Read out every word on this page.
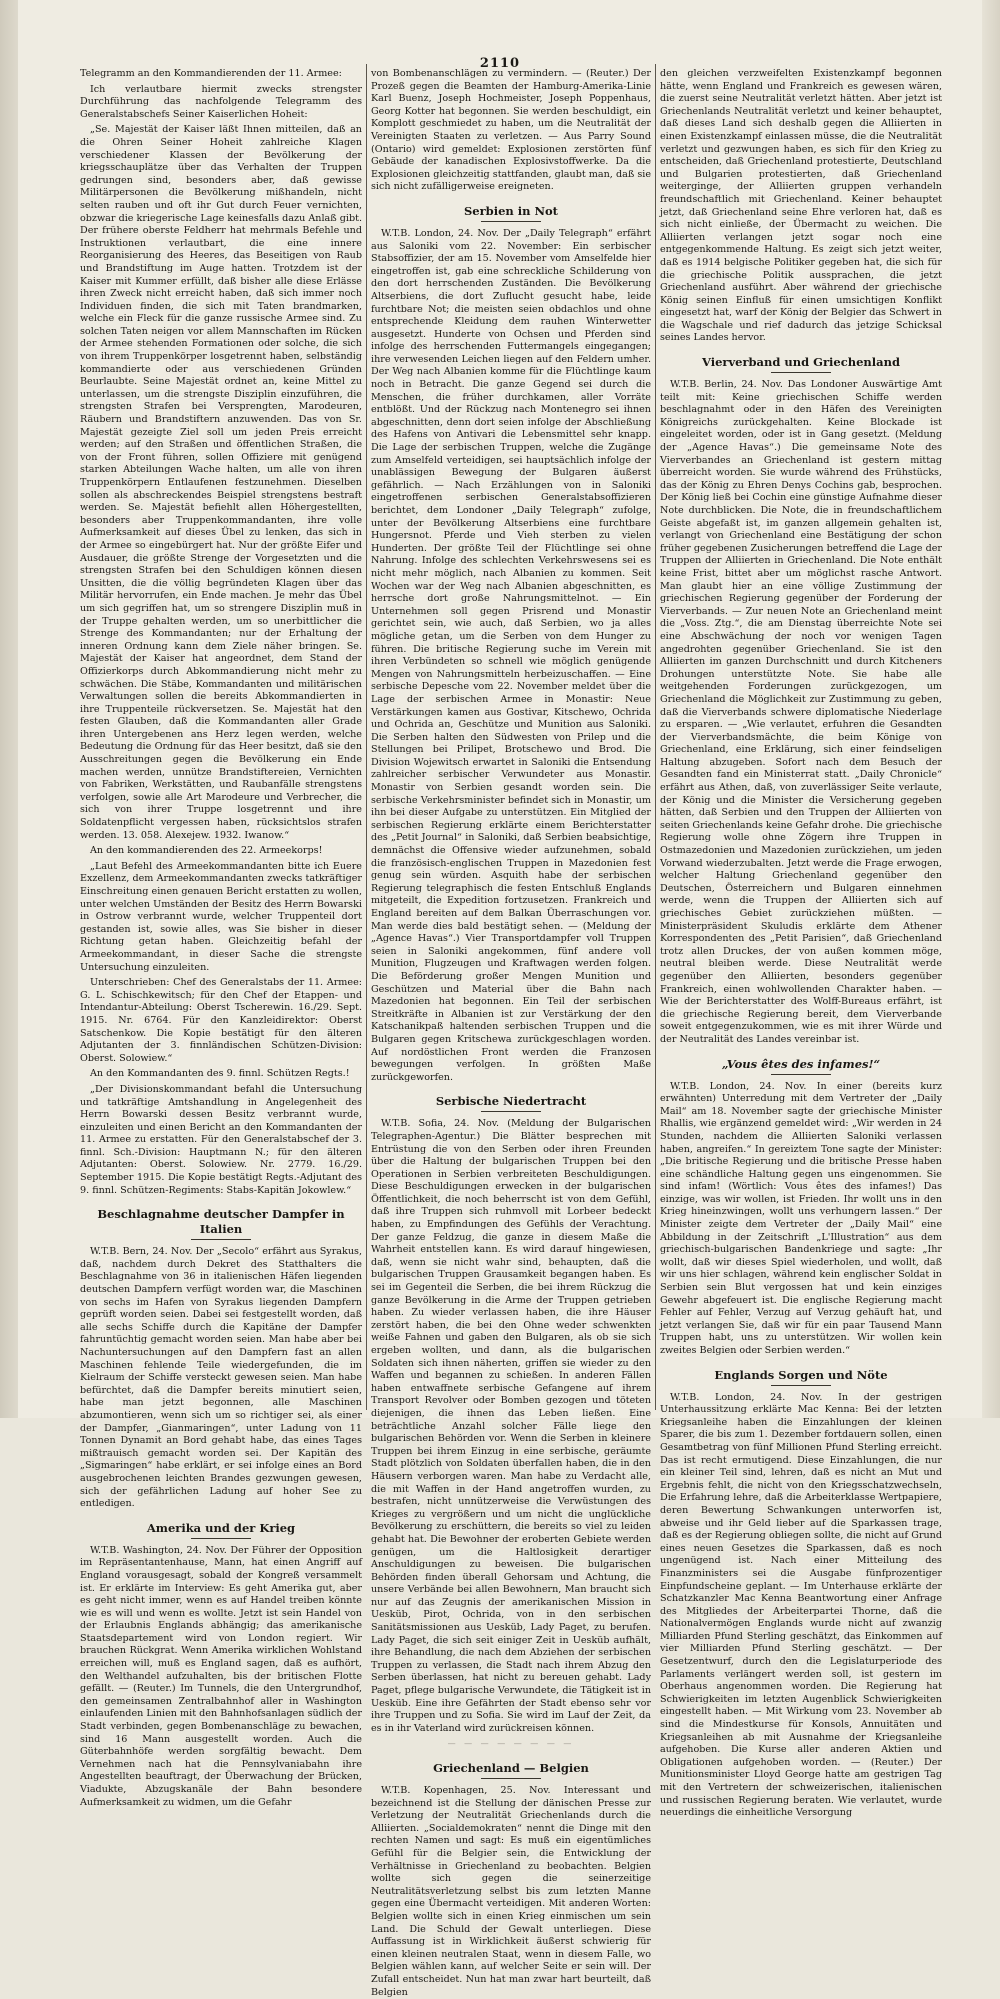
2110

Telegramm an den Kommandierenden der 11. Armee:

Ich verlautbare hiermit zwecks strengster Durchführung das nachfolgende Telegramm des Generalstabschefs Seiner Kaiserlichen Hoheit:

„Se. Majestät der Kaiser läßt Ihnen mitteilen, daß an die Ohren Seiner Hoheit zahlreiche Klagen verschiedener Klassen der Bevölkerung der kriegsschauplätze über das Verhalten der Truppen gedrungen sind, besonders aber, daß gewisse Militärpersonen die Bevölkerung mißhandeln, nicht selten rauben und oft ihr Gut durch Feuer vernichten, obzwar die kriegerische Lage keinesfalls dazu Anlaß gibt. Der frühere oberste Feldherr hat mehrmals Befehle und Instruktionen verlautbart, die eine innere Reorganisierung des Heeres, das Beseitigen von Raub und Brandstiftung im Auge hatten. Trotzdem ist der Kaiser mit Kummer erfüllt, daß bisher alle diese Erlässe ihren Zweck nicht erreicht haben, daß sich immer noch Individuen finden, die sich mit Taten brandmarken, welche ein Fleck für die ganze russische Armee sind. Zu solchen Taten neigen vor allem Mannschaften im Rücken der Armee stehenden Formationen oder solche, die sich von ihrem Truppenkörper losgetrennt haben, selbständig kommandierte oder aus verschiedenen Gründen Beurlaubte. Seine Majestät ordnet an, keine Mittel zu unterlassen, um die strengste Disziplin einzuführen, die strengsten Strafen bei Versprengten, Marodeuren, Räubern und Brandstiftern anzuwenden. Das von Sr. Majestät gezeigte Ziel soll um jeden Preis erreicht werden; auf den Straßen und öffentlichen Straßen, die von der Front führen, sollen Offiziere mit genügend starken Abteilungen Wache halten, um alle von ihren Truppenkörpern Entlaufenen festzunehmen. Dieselben sollen als abschreckendes Beispiel strengstens bestraft werden. Se. Majestät befiehlt allen Höhergestellten, besonders aber Truppenkommandanten, ihre volle Aufmerksamkeit auf dieses Übel zu lenken, das sich in der Armee so eingebürgert hat. Nur der größte Eifer und Ausdauer, die größte Strenge der Vorgesetzten und die strengsten Strafen bei den Schuldigen können diesen Unsitten, die die völlig begründeten Klagen über das Militär hervorrufen, ein Ende machen. Je mehr das Übel um sich gegriffen hat, um so strengere Disziplin muß in der Truppe gehalten werden, um so unerbittlicher die Strenge des Kommandanten; nur der Erhaltung der inneren Ordnung kann dem Ziele näher bringen. Se. Majestät der Kaiser hat angeordnet, dem Stand der Offizierkorps durch Abkommandierung nicht mehr zu schwächen. Die Stäbe, Kommandanten und militärischen Verwaltungen sollen die bereits Abkommandierten in ihre Truppenteile rückversetzen. Se. Majestät hat den festen Glauben, daß die Kommandanten aller Grade ihren Untergebenen ans Herz legen werden, welche Bedeutung die Ordnung für das Heer besitzt, daß sie den Ausschreitungen gegen die Bevölkerung ein Ende machen werden, unnütze Brandstiftereien, Vernichten von Fabriken, Werkstätten, und Raubanfälle strengstens verfolgen, sowie alle Art Marodeure und Verbrecher, die sich von ihrer Truppe losgetrennt und ihre Soldatenpflicht vergessen haben, rücksichtslos strafen werden. 13. 058. Alexejew. 1932. Iwanow.“

An den kommandierenden des 22. Armeekorps!

„Laut Befehl des Armeekommandanten bitte ich Euere Exzellenz, dem Armeekommandanten zwecks tatkräftiger Einschreitung einen genauen Bericht erstatten zu wollen, unter welchen Umständen der Besitz des Herrn Bowarski in Ostrow verbrannt wurde, welcher Truppenteil dort gestanden ist, sowie alles, was Sie bisher in dieser Richtung getan haben. Gleichzeitig befahl der Armeekommandant, in dieser Sache die strengste Untersuchung einzuleiten.

Unterschrieben: Chef des Generalstabs der 11. Armee: G. L. Schischkewitsch; für den Chef der Etappen- und Intendantur-Abteilung: Oberst Tscherewin. 16./29. Sept. 1915. Nr. 6764. Für den Kanzleidirektor: Oberst Satschenkow. Die Kopie bestätigt für den älteren Adjutanten der 3. finnländischen Schützen-Division: Oberst. Solowiew.“

An den Kommandanten des 9. finnl. Schützen Regts.!

„Der Divisionskommandant befahl die Untersuchung und tatkräftige Amtshandlung in Angelegenheit des Herrn Bowarski dessen Besitz verbrannt wurde, einzuleiten und einen Bericht an den Kommandanten der 11. Armee zu erstatten. Für den Generalstabschef der 3. finnl. Sch.-Division: Hauptmann N.; für den älteren Adjutanten: Oberst. Solowiew. Nr. 2779. 16./29. September 1915. Die Kopie bestätigt Regts.-Adjutant des 9. finnl. Schützen-Regiments: Stabs-Kapitän Jokowlew.“

Beschlagnahme deutscher Dampfer in Italien

W.T.B. Bern, 24. Nov. Der „Secolo“ erfährt aus Syrakus, daß, nachdem durch Dekret des Statthalters die Beschlagnahme von 36 in italienischen Häfen liegenden deutschen Dampfern verfügt worden war, die Maschinen von sechs im Hafen von Syrakus liegenden Dampfern geprüft worden seien. Dabei sei festgestellt worden, daß alle sechs Schiffe durch die Kapitäne der Dampfer fahruntüchtig gemacht worden seien. Man habe aber bei Nachuntersuchungen auf den Dampfern fast an allen Maschinen fehlende Teile wiedergefunden, die im Kielraum der Schiffe versteckt gewesen seien. Man habe befürchtet, daß die Dampfer bereits minutiert seien, habe man jetzt begonnen, alle Maschinen abzumontieren, wenn sich um so richtiger sei, als einer der Dampfer, „Gianmaringen“, unter Ladung von 11 Tonnen Dynamit an Bord gehabt habe, das eines Tages mißtrauisch gemacht worden sei. Der Kapitän des „Sigmaringen“ habe erklärt, er sei infolge eines an Bord ausgebrochenen leichten Brandes gezwungen gewesen, sich der gefährlichen Ladung auf hoher See zu entledigen.

Amerika und der Krieg

W.T.B. Washington, 24. Nov. Der Führer der Opposition im Repräsentantenhause, Mann, hat einen Angriff auf England vorausgesagt, sobald der Kongreß versammelt ist. Er erklärte im Interview: Es geht Amerika gut, aber es geht nicht immer, wenn es auf Handel treiben könnte wie es will und wenn es wollte. Jetzt ist sein Handel von der Erlaubnis Englands abhängig; das amerikanische Staatsdepartement wird von London regiert. Wir brauchen Rückgrat. Wenn Amerika wirklichen Wohlstand erreichen will, muß es England sagen, daß es aufhört, den Welthandel aufzuhalten, bis der britischen Flotte gefällt. — (Reuter.) Im Tunnels, die den Untergrundhof, den gemeinsamen Zentralbahnhof aller in Washington einlaufenden Linien mit den Bahnhofsanlagen südlich der Stadt verbinden, gegen Bombenanschläge zu bewachen, sind 16 Mann ausgestellt worden. Auch die Güterbahnhöfe werden sorgfältig bewacht. Dem Vernehmen nach hat die Pennsylvaniabahn ihre Angestellten beauftragt, der Überwachung der Brücken, Viadukte, Abzugskanäle der Bahn besondere Aufmerksamkeit zu widmen, um die Gefahr

von Bombenanschlägen zu vermindern. — (Reuter.) Der Prozeß gegen die Beamten der Hamburg-Amerika-Linie Karl Buenz, Joseph Hochmeister, Joseph Poppenhaus, Georg Kotter hat begonnen. Sie werden beschuldigt, ein Komplott geschmiedet zu haben, um die Neutralität der Vereinigten Staaten zu verletzen. — Aus Parry Sound (Ontario) wird gemeldet: Explosionen zerstörten fünf Gebäude der kanadischen Explosivstoffwerke. Da die Explosionen gleichzeitig stattfanden, glaubt man, daß sie sich nicht zufälligerweise ereigneten.

Serbien in Not

W.T.B. London, 24. Nov. Der „Daily Telegraph“ erfährt aus Saloniki vom 22. November: Ein serbischer Stabsoffizier, der am 15. November vom Amselfelde hier eingetroffen ist, gab eine schreckliche Schilderung von den dort herrschenden Zuständen. Die Bevölkerung Altserbiens, die dort Zuflucht gesucht habe, leide furchtbare Not; die meisten seien obdachlos und ohne entsprechende Kleidung dem rauhen Winterwetter ausgesetzt. Hunderte von Ochsen und Pferden sind infolge des herrschenden Futtermangels eingegangen; ihre verwesenden Leichen liegen auf den Feldern umher. Der Weg nach Albanien komme für die Flüchtlinge kaum noch in Betracht. Die ganze Gegend sei durch die Menschen, die früher durchkamen, aller Vorräte entblößt. Und der Rückzug nach Montenegro sei ihnen abgeschnitten, denn dort seien infolge der Abschließung des Hafens von Antivari die Lebensmittel sehr knapp. Die Lage der serbischen Truppen, welche die Zugänge zum Amselfeld verteidigen, sei hauptsächlich infolge der unablässigen Bewegung der Bulgaren äußerst gefährlich. — Nach Erzählungen von in Saloniki eingetroffenen serbischen Generalstabsoffizieren berichtet, dem Londoner „Daily Telegraph“ zufolge, unter der Bevölkerung Altserbiens eine furchtbare Hungersnot. Pferde und Vieh sterben zu vielen Hunderten. Der größte Teil der Flüchtlinge sei ohne Nahrung. Infolge des schlechten Verkehrswesens sei es nicht mehr möglich, nach Albanien zu kommen. Seit Wochen war der Weg nach Albanien abgeschnitten, es herrsche dort große Nahrungsmittelnot. — Ein Unternehmen soll gegen Prisrend und Monastir gerichtet sein, wie auch, daß Serbien, wo ja alles mögliche getan, um die Serben von dem Hunger zu führen. Die britische Regierung suche im Verein mit ihren Verbündeten so schnell wie möglich genügende Mengen von Nahrungsmitteln herbeizuschaffen. — Eine serbische Depesche vom 22. November meldet über die Lage der serbischen Armee in Monastir: Neue Verstärkungen kamen aus Gostivar, Kitschewo, Ochrida und Ochrida an, Geschütze und Munition aus Saloniki. Die Serben halten den Südwesten von Prilep und die Stellungen bei Prilipet, Brotschewo und Brod. Die Division Wojewitsch erwartet in Saloniki die Entsendung zahlreicher serbischer Verwundeter aus Monastir. Monastir von Serbien gesandt worden sein. Die serbische Verkehrsminister befindet sich in Monastir, um ihn bei dieser Aufgabe zu unterstützen. Ein Mitglied der serbischen Regierung erklärte einem Berichterstatter des „Petit Journal“ in Saloniki, daß Serbien beabsichtige, demnächst die Offensive wieder aufzunehmen, sobald die französisch-englischen Truppen in Mazedonien fest genug sein würden. Asquith habe der serbischen Regierung telegraphisch die festen Entschluß Englands mitgeteilt, die Expedition fortzusetzen. Frankreich und England bereiten auf dem Balkan Überraschungen vor. Man werde dies bald bestätigt sehen. — (Meldung der „Agence Havas“.) Vier Transportdampfer voll Truppen seien in Saloniki angekommen, fünf andere voll Munition, Flugzeugen und Kraftwagen werden folgen. Die Beförderung großer Mengen Munition und Geschützen und Material über die Bahn nach Mazedonien hat begonnen. Ein Teil der serbischen Streitkräfte in Albanien ist zur Verstärkung der den Katschanikpaß haltenden serbischen Truppen und die Bulgaren gegen Kritschewa zurückgeschlagen worden. Auf nordöstlichen Front werden die Franzosen bewegungen verfolgen. In größten Maße zurückgeworfen.

Serbische Niedertracht

W.T.B. Sofia, 24. Nov. (Meldung der Bulgarischen Telegraphen-Agentur.) Die Blätter besprechen mit Entrüstung die von den Serben oder ihren Freunden über die Haltung der bulgarischen Truppen bei den Operationen in Serbien verbreiteten Beschuldigungen. Diese Beschuldigungen erwecken in der bulgarischen Öffentlichkeit, die noch beherrscht ist von dem Gefühl, daß ihre Truppen sich ruhmvoll mit Lorbeer bedeckt haben, zu Empfindungen des Gefühls der Verachtung. Der ganze Feldzug, die ganze in diesem Maße die Wahrheit entstellen kann. Es wird darauf hingewiesen, daß, wenn sie nicht wahr sind, behaupten, daß die bulgarischen Truppen Grausamkeit begangen haben. Es sei im Gegenteil die Serben, die bei ihrem Rückzug die ganze Bevölkerung in die Arme der Truppen getrieben haben. Zu wieder verlassen haben, die ihre Häuser zerstört haben, die bei den Ohne weder schwenkten weiße Fahnen und gaben den Bulgaren, als ob sie sich ergeben wollten, und dann, als die bulgarischen Soldaten sich ihnen näherten, griffen sie wieder zu den Waffen und begannen zu schießen. In anderen Fällen haben entwaffnete serbische Gefangene auf ihrem Transport Revolver oder Bomben gezogen und töteten diejenigen, die ihnen das Leben ließen. Eine beträchtliche Anzahl solcher Fälle liege den bulgarischen Behörden vor. Wenn die Serben in kleinere Truppen bei ihrem Einzug in eine serbische, geräumte Stadt plötzlich von Soldaten überfallen haben, die in den Häusern verborgen waren. Man habe zu Verdacht alle, die mit Waffen in der Hand angetroffen wurden, zu bestrafen, nicht unnützerweise die Verwüstungen des Krieges zu vergrößern und um nicht die unglückliche Bevölkerung zu erschüttern, die bereits so viel zu leiden gehabt hat. Die Bewohner der eroberten Gebiete werden genügen, um die Haltlosigkeit derartiger Anschuldigungen zu beweisen. Die bulgarischen Behörden finden überall Gehorsam und Achtung, die unsere Verbände bei allen Bewohnern, Man braucht sich nur auf das Zeugnis der amerikanischen Mission in Uesküb, Pirot, Ochrida, von in den serbischen Sanitätsmissionen aus Uesküb, Lady Paget, zu berufen. Lady Paget, die sich seit einiger Zeit in Uesküb aufhält, ihre Behandlung, die nach dem Abziehen der serbischen Truppen zu verlassen, die Stadt nach ihrem Abzug den Serben überlassen, hat nicht zu bereuen gehabt. Lady Paget, pflege bulgarische Verwundete, die Tätigkeit ist in Uesküb. Eine ihre Gefährten der Stadt ebenso sehr vor ihre Truppen und zu Sofia. Sie wird im Lauf der Zeit, da es in ihr Vaterland wird zurückreisen können.

— — — — — — — —
Griechenland — Belgien

W.T.B. Kopenhagen, 25. Nov. Interessant und bezeichnend ist die Stellung der dänischen Presse zur Verletzung der Neutralität Griechenlands durch die Alliierten. „Socialdemokraten“ nennt die Dinge mit den rechten Namen und sagt: Es muß ein eigentümliches Gefühl für die Belgier sein, die Entwicklung der Verhältnisse in Griechenland zu beobachten. Belgien wollte sich gegen die seinerzeitige Neutralitätsverletzung selbst bis zum letzten Manne gegen eine Übermacht verteidigen. Mit anderen Worten: Belgien wollte sich in einen Krieg einmischen um sein Land. Die Schuld der Gewalt unterliegen. Diese Auffassung ist in Wirklichkeit äußerst schwierig für einen kleinen neutralen Staat, wenn in diesem Falle, wo Belgien wählen kann, auf welcher Seite er sein will. Der Zufall entscheidet. Nun hat man zwar hart beurteilt, daß Belgien

den gleichen verzweifelten Existenzkampf begonnen hätte, wenn England und Frankreich es gewesen wären, die zuerst seine Neutralität verletzt hätten. Aber jetzt ist Griechenlands Neutralität verletzt und keiner behauptet, daß dieses Land sich deshalb gegen die Alliierten in einen Existenzkampf einlassen müsse, die die Neutralität verletzt und gezwungen haben, es sich für den Krieg zu entscheiden, daß Griechenland protestierte, Deutschland und Bulgarien protestierten, daß Griechenland weiterginge, der Alliierten gruppen verhandeln freundschaftlich mit Griechenland. Keiner behauptet jetzt, daß Griechenland seine Ehre verloren hat, daß es sich nicht einließe, der Übermacht zu weichen. Die Alliierten verlangen jetzt sogar noch eine entgegenkommende Haltung. Es zeigt sich jetzt weiter, daß es 1914 belgische Politiker gegeben hat, die sich für die griechische Politik aussprachen, die jetzt Griechenland ausführt. Aber während der griechische König seinen Einfluß für einen umsichtigen Konflikt eingesetzt hat, warf der König der Belgier das Schwert in die Wagschale und rief dadurch das jetzige Schicksal seines Landes hervor.

Vierverband und Griechenland

W.T.B. Berlin, 24. Nov. Das Londoner Auswärtige Amt teilt mit: Keine griechischen Schiffe werden beschlagnahmt oder in den Häfen des Vereinigten Königreichs zurückgehalten. Keine Blockade ist eingeleitet worden, oder ist in Gang gesetzt. (Meldung der „Agence Havas“.) Die gemeinsame Note des Vierverbandes an Griechenland ist gestern mittag überreicht worden. Sie wurde während des Frühstücks, das der König zu Ehren Denys Cochins gab, besprochen. Der König ließ bei Cochin eine günstige Aufnahme dieser Note durchblicken. Die Note, die in freundschaftlichem Geiste abgefaßt ist, im ganzen allgemein gehalten ist, verlangt von Griechenland eine Bestätigung der schon früher gegebenen Zusicherungen betreffend die Lage der Truppen der Alliierten in Griechenland. Die Note enthält keine Frist, bittet aber um möglichst rasche Antwort. Man glaubt hier an eine völlige Zustimmung der griechischen Regierung gegenüber der Forderung der Vierverbands. — Zur neuen Note an Griechenland meint die „Voss. Ztg.“, die am Dienstag überreichte Note sei eine Abschwächung der noch vor wenigen Tagen angedrohten gegenüber Griechenland. Sie ist den Alliierten im ganzen Durchschnitt und durch Kitcheners Drohungen unterstützte Note. Sie habe alle weitgehenden Forderungen zurückgezogen, um Griechenland die Möglichkeit zur Zustimmung zu geben, daß die Vierverbands schwere diplomatische Niederlage zu ersparen. — „Wie verlautet, erfuhren die Gesandten der Vierverbandsmächte, die beim Könige von Griechenland, eine Erklärung, sich einer feindseligen Haltung abzugeben. Sofort nach dem Besuch der Gesandten fand ein Ministerrat statt. „Daily Chronicle“ erfährt aus Athen, daß, von zuverlässiger Seite verlaute, der König und die Minister die Versicherung gegeben hätten, daß Serbien und den Truppen der Alliierten von seiten Griechenlands keine Gefahr drohe. Die griechische Regierung wolle ohne Zögern ihre Truppen in Ostmazedonien und Mazedonien zurückziehen, um jeden Vorwand wiederzubalten. Jetzt werde die Frage erwogen, welcher Haltung Griechenland gegenüber den Deutschen, Österreichern und Bulgaren einnehmen werde, wenn die Truppen der Alliierten sich auf griechisches Gebiet zurückziehen müßten. — Ministerpräsident Skuludis erklärte dem Athener Korrespondenten des „Petit Parisien“, daß Griechenland trotz allen Druckes, der von außen kommen möge, neutral bleiben werde. Diese Neutralität werde gegenüber den Alliierten, besonders gegenüber Frankreich, einen wohlwollenden Charakter haben. — Wie der Berichterstatter des Wolff-Bureaus erfährt, ist die griechische Regierung bereit, dem Vierverbande soweit entgegenzukommen, wie es mit ihrer Würde und der Neutralität des Landes vereinbar ist.

„Vous êtes des infames!“

W.T.B. London, 24. Nov. In einer (bereits kurz erwähnten) Unterredung mit dem Vertreter der „Daily Mail“ am 18. November sagte der griechische Minister Rhallis, wie ergänzend gemeldet wird: „Wir werden in 24 Stunden, nachdem die Alliierten Saloniki verlassen haben, angreifen.“ In gereiztem Tone sagte der Minister: „Die britische Regierung und die britische Presse haben eine schändliche Haltung gegen uns eingenommen. Sie sind infam! (Wörtlich: Vous êtes des infames!) Das einzige, was wir wollen, ist Frieden. Ihr wollt uns in den Krieg hineinzwingen, wollt uns verhungern lassen.“ Der Minister zeigte dem Vertreter der „Daily Mail“ eine Abbildung in der Zeitschrift „L'Illustration“ aus dem griechisch-bulgarischen Bandenkriege und sagte: „Ihr wollt, daß wir dieses Spiel wiederholen, und wollt, daß wir uns hier schlagen, während kein englischer Soldat in Serbien sein Blut vergossen hat und kein einziges Gewehr abgefeuert ist. Die englische Regierung macht Fehler auf Fehler, Verzug auf Verzug gehäuft hat, und jetzt verlangen Sie, daß wir für ein paar Tausend Mann Truppen habt, uns zu unterstützen. Wir wollen kein zweites Belgien oder Serbien werden.“

Englands Sorgen und Nöte

W.T.B. London, 24. Nov. In der gestrigen Unterhaussitzung erklärte Mac Kenna: Bei der letzten Kriegsanleihe haben die Einzahlungen der kleinen Sparer, die bis zum 1. Dezember fortdauern sollen, einen Gesamtbetrag von fünf Millionen Pfund Sterling erreicht. Das ist recht ermutigend. Diese Einzahlungen, die nur ein kleiner Teil sind, lehren, daß es nicht an Mut und Ergebnis fehlt, die nicht von den Kriegsschatzwechseln, Die Erfahrung lehre, daß die Arbeiterklasse Wertpapiere, deren Bewertung Schwankungen unterworfen ist, abweise und ihr Geld lieber auf die Sparkassen trage, daß es der Regierung obliegen sollte, die nicht auf Grund eines neuen Gesetzes die Sparkassen, daß es noch ungenügend ist. Nach einer Mitteilung des Finanzministers sei die Ausgabe fünfprozentiger Einpfundscheine geplant. — Im Unterhause erklärte der Schatzkanzler Mac Kenna Beantwortung einer Anfrage des Mitgliedes der Arbeiterpartei Thorne, daß die Nationalvermögen Englands wurde nicht auf zwanzig Milliarden Pfund Sterling geschätzt, das Einkommen auf vier Milliarden Pfund Sterling geschätzt. — Der Gesetzentwurf, durch den die Legislaturperiode des Parlaments verlängert werden soll, ist gestern im Oberhaus angenommen worden. Die Regierung hat Schwierigkeiten im letzten Augenblick Schwierigkeiten eingestellt haben. — Mit Wirkung vom 23. November ab sind die Mindestkurse für Konsols, Annuitäten und Kriegsanleihen ab mit Ausnahme der Kriegsanleihe aufgehoben. Die Kurse aller anderen Aktien und Obligationen aufgehoben worden. — (Reuter.) Der Munitionsminister Lloyd George hatte am gestrigen Tag mit den Vertretern der schweizerischen, italienischen und russischen Regierung beraten. Wie verlautet, wurde neuerdings die einheitliche Versorgung
